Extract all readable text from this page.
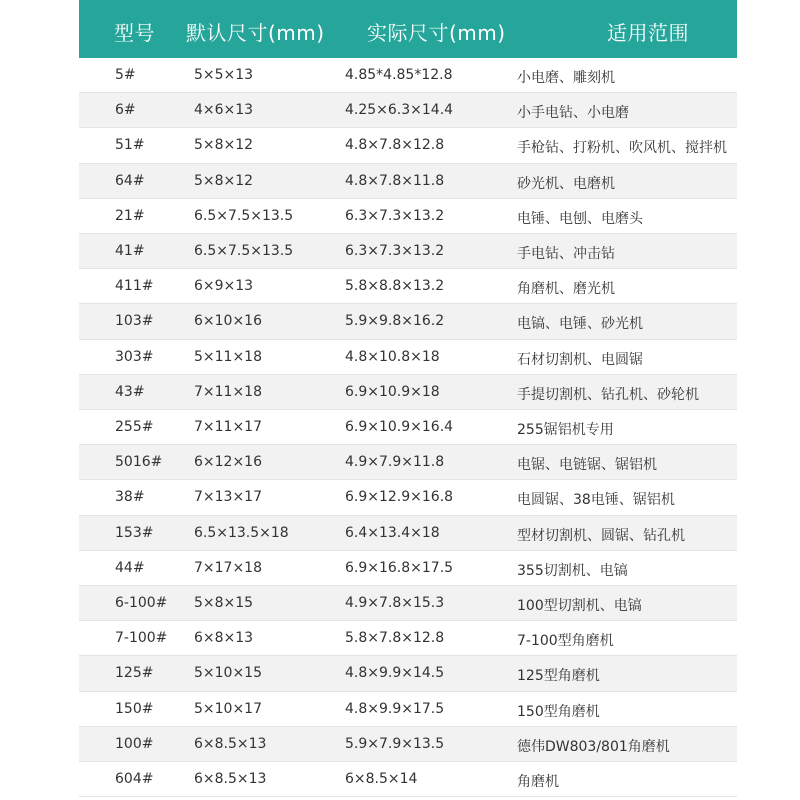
型号 默认尺寸(mm) 实际尺寸(mm)	适用范围
5#	5×5×13	4.85*4.85*12.8	小电磨、雕刻机
6#	4×6×13	4.25×6.3×14.4	小手电钻、小电磨
51#	5×8×12	4.8×7.8×12.8	手枪钻、打粉机、吹风机、搅拌机
64#	5×8×12	4.8×7.8×11.8	砂光机、电磨机
21#	6.5×7.5×13.5	6.3×7.3×13.2	电锤、电刨、电磨头
41#	6.5×7.5×13.5	6.3×7.3×13.2	手电钻、冲击钻
411#	6×9×13	5.8×8.8×13.2	角磨机、磨光机
103#	6×10×16	5.9×9.8×16.2	电镐、电锤、砂光机
303#	5×11×18	4.8×10.8×18	石材切割机、电圆锯
43#	7×11×18	6.9×10.9×18	手提切割机、钻孔机、砂轮机
255#	7×11×17	6.9×10.9×16.4	255锯铝机专用
5016# 6×12×16	4.9×7.9×11.8	电锯、电链锯、锯铝机
38#	7×13×17	6.9×12.9×16.8	电圆锯、38电锤、锯铝机
153#	6.5×13.5×18	6.4×13.4×18	型材切割机、圆锯、钻孔机
44#	7×17×18	6.9×16.8×17.5	355切割机、电镐
6-100# 5×8×15	4.9×7.8×15.3	100型切割机、电镐
7-100# 6×8×13	5.8×7.8×12.8	7-100型角磨机
125#	5×10×15	4.8×9.9×14.5	125型角磨机
150#	5×10×17	4.8×9.9×17.5	150型角磨机
100#	6×8.5×13	5.9×7.9×13.5	德伟DW803/801角磨机
604#	6×8.5×13	6×8.5×14	角磨机
